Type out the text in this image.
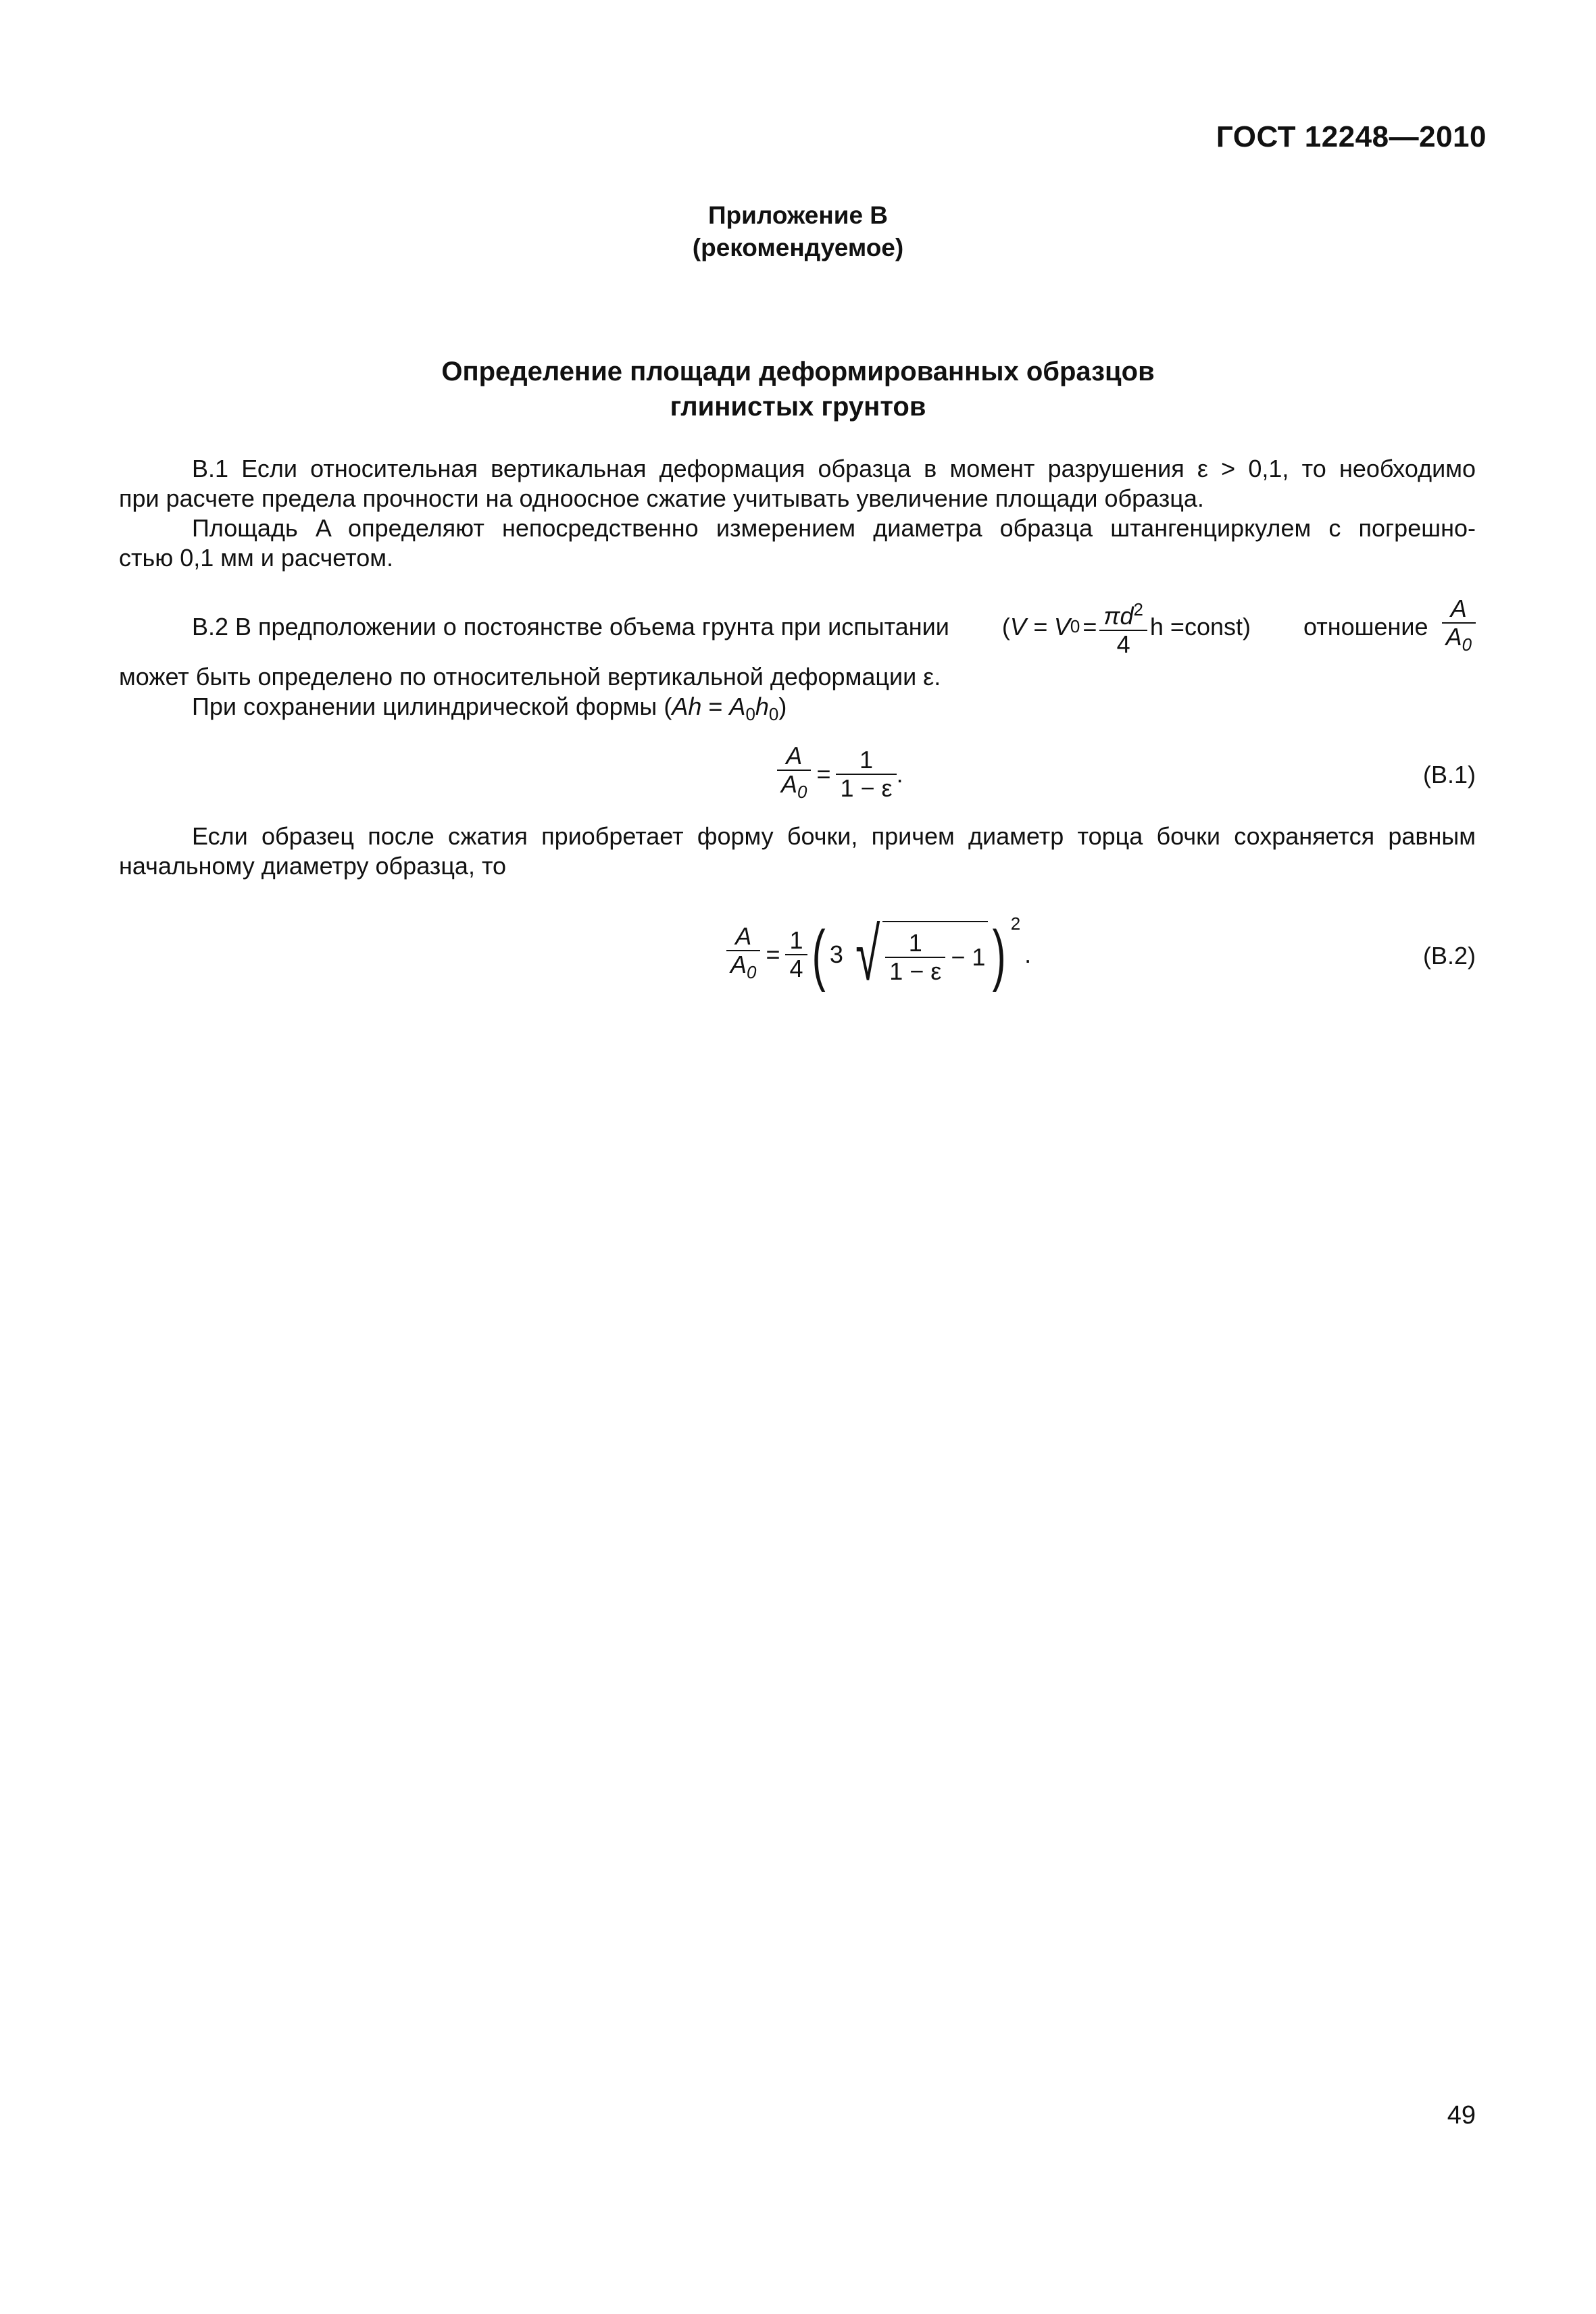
ГОСТ 12248—2010
Приложение В
(рекомендуемое)
Определение площади деформированных образцов
глинистых грунтов
В.1 Если относительная вертикальная деформация образца в момент разрушения ε > 0,1, то необходимо
при расчете предела прочности на одноосное сжатие учитывать увеличение площади образца.
Площадь A определяют непосредственно измерением диаметра образца штангенциркулем с погрешно-
стью 0,1 мм и расчетом.
В.2 В предположении о постоянстве объема грунта при испытании ( V = V $0 = \frac{\pi d^2}{4}$ h =const) отношение $\frac{A}{A_0}$
может быть определено по относительной вертикальной деформации ε.
При сохранении цилиндрической формы $(Ah = A_0h_0)$
$\frac{A}{A_0} = \frac{1}{1 - \varepsilon}$ .	(В.1)
Если образец после сжатия приобретает форму бочки, причем диаметр торца бочки сохраняется равным
начальному диаметру образца, то
$\frac{A}{A_0} = \frac{1}{4}$ ( 3 √ $\frac{1}{1 - \varepsilon} - 1$ ) 2
.	(В.2)
49
